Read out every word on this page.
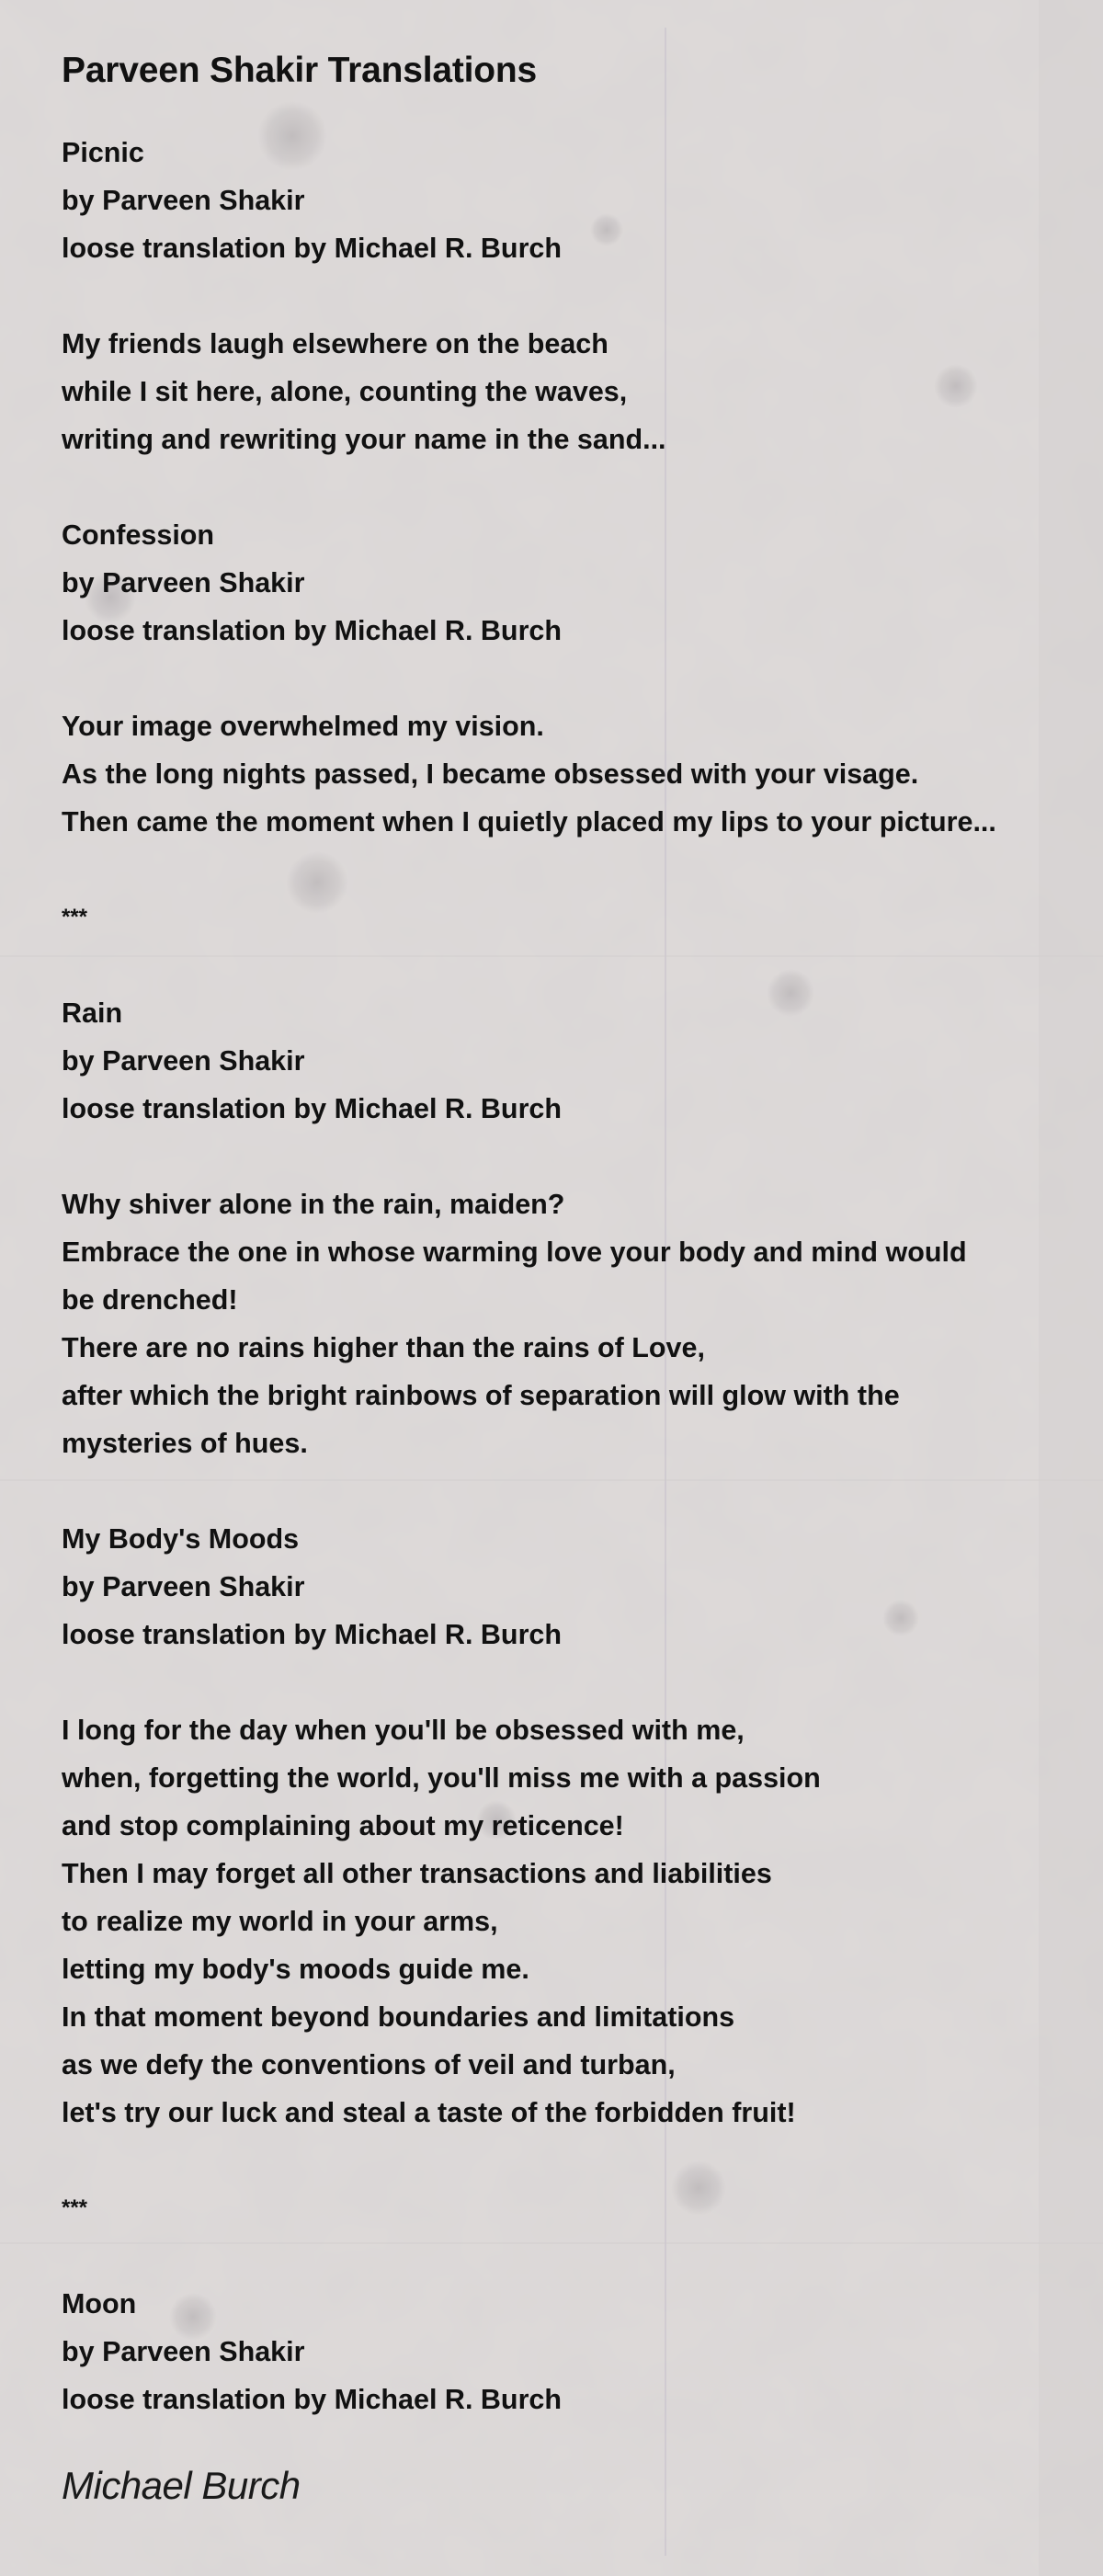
Parveen Shakir Translations
Picnic
by Parveen Shakir
loose translation by Michael R. Burch
My friends laugh elsewhere on the beach
while I sit here, alone, counting the waves,
writing and rewriting your name in the sand...
Confession
by Parveen Shakir
loose translation by Michael R. Burch
Your image overwhelmed my vision.
As the long nights passed, I became obsessed with your visage.
Then came the moment when I quietly placed my lips to your picture...
***
Rain
by Parveen Shakir
loose translation by Michael R. Burch
Why shiver alone in the rain, maiden?
Embrace the one in whose warming love your body and mind would
be drenched!
There are no rains higher than the rains of Love,
after which the bright rainbows of separation will glow with the
mysteries of hues.
My Body's Moods
by Parveen Shakir
loose translation by Michael R. Burch
I long for the day when you'll be obsessed with me,
when, forgetting the world, you'll miss me with a passion
and stop complaining about my reticence!
Then I may forget all other transactions and liabilities
to realize my world in your arms,
letting my body's moods guide me.
In that moment beyond boundaries and limitations
as we defy the conventions of veil and turban,
let's try our luck and steal a taste of the forbidden fruit!
***
Moon
by Parveen Shakir
loose translation by Michael R. Burch
Michael Burch
